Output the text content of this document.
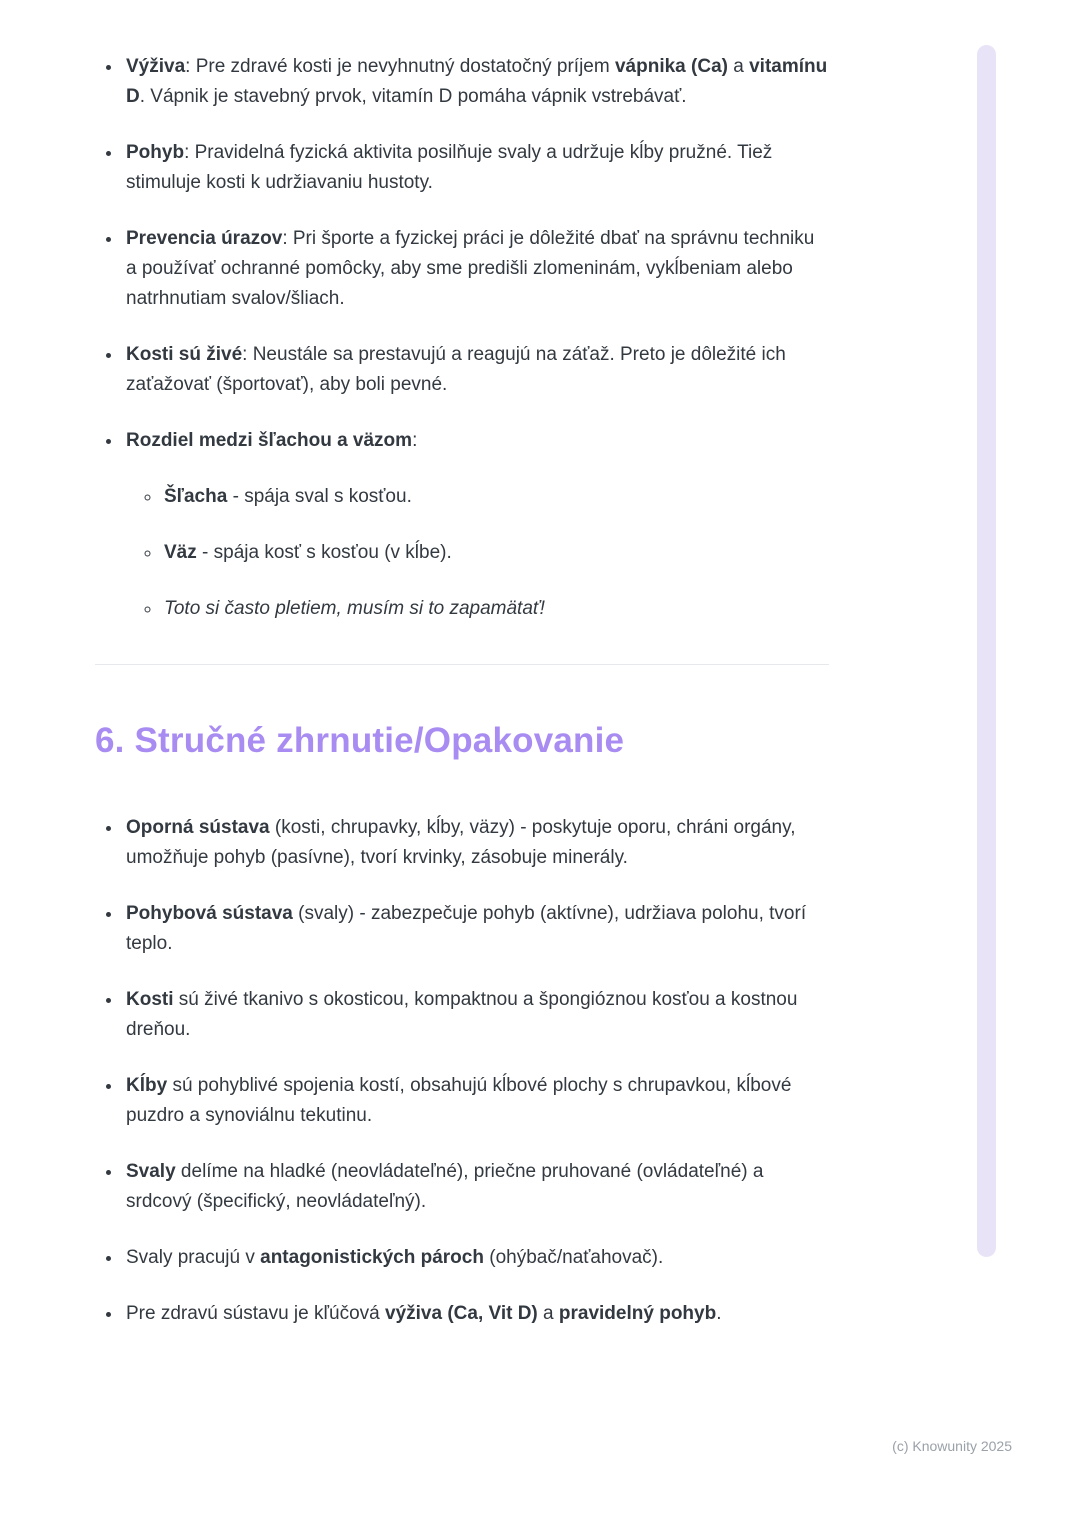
• Výživa: Pre zdravé kosti je nevyhnutný dostatočný príjem vápnika (Ca) a vitamínu D. Vápnik je stavebný prvok, vitamín D pomáha vápnik vstrebávať.
• Pohyb: Pravidelná fyzická aktivita posilňuje svaly a udržuje kĺby pružné. Tiež stimuluje kosti k udržiavaniu hustoty.
• Prevencia úrazov: Pri športe a fyzickej práci je dôležité dbať na správnu techniku a používať ochranné pomôcky, aby sme predišli zlomeninám, vykĺbeniam alebo natrhnutiam svalov/šliach.
• Kosti sú živé: Neustále sa prestavujú a reagujú na záťaž. Preto je dôležité ich zaťažovať (športovať), aby boli pevné.
• Rozdiel medzi šľachou a väzom:
◦ Šľacha - spája sval s kosťou.
◦ Väz - spája kosť s kosťou (v kĺbe).
◦ Toto si často pletiem, musím si to zapamätať!
6. Stručné zhrnutie/Opakovanie
• Oporná sústava (kosti, chrupavky, kĺby, väzy) - poskytuje oporu, chráni orgány, umožňuje pohyb (pasívne), tvorí krvinky, zásobuje minerály.
• Pohybová sústava (svaly) - zabezpečuje pohyb (aktívne), udržiava polohu, tvorí teplo.
• Kosti sú živé tkanivo s okosticou, kompaktnou a špongióznou kosťou a kostnou dreňou.
• Kĺby sú pohyblivé spojenia kostí, obsahujú kĺbové plochy s chrupavkou, kĺbové puzdro a synoviálnu tekutinu.
• Svaly delíme na hladké (neovládateľné), priečne pruhované (ovládateľné) a srdcový (špecifický, neovládateľný).
• Svaly pracujú v antagonistických pároch (ohýbač/naťahovač).
• Pre zdravú sústavu je kľúčová výživa (Ca, Vit D) a pravidelný pohyb.
(c) Knowunity 2025
